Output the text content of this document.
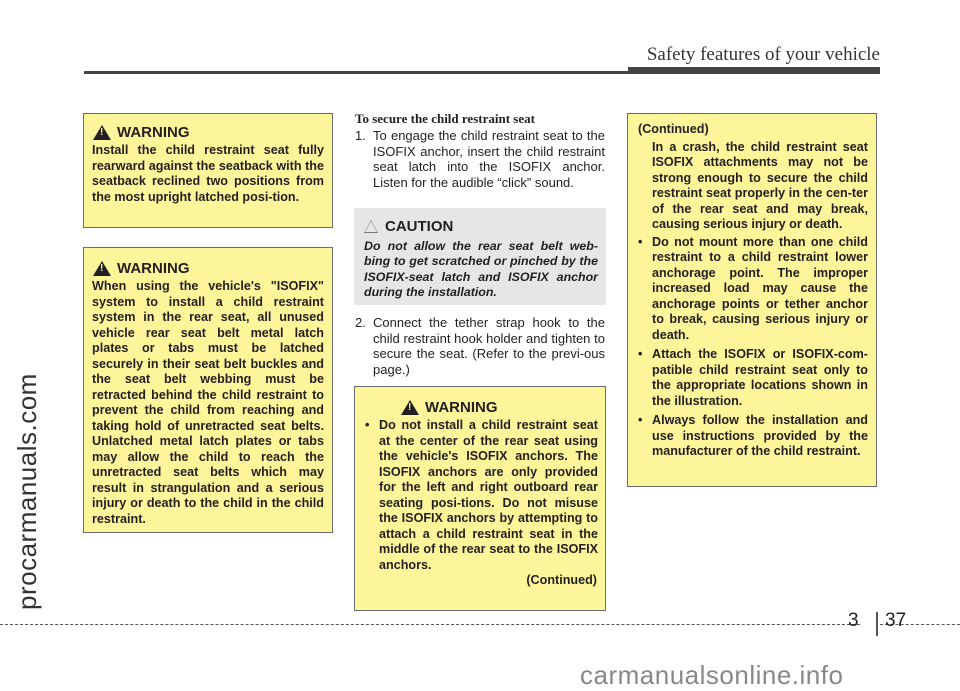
Safety features of your vehicle
procarmanuals.com
!
WARNING
Install the child restraint seat fully rearward against the seatback with the seatback reclined two positions from the most upright latched posi-tion.
!
WARNING
When using the vehicle's "ISOFIX" system to install a child restraint system in the rear seat, all unused vehicle rear seat belt metal latch plates or tabs must be latched securely in their seat belt buckles and the seat belt webbing must be retracted behind the child restraint to prevent the child from reaching and taking hold of unretracted seat belts. Unlatched metal latch plates or tabs may allow the child to reach the unretracted seat belts which may result in strangulation and a serious injury or death to the child in the child restraint.
To secure the child restraint seat
1. To engage the child restraint seat to the ISOFIX anchor, insert the child restraint seat latch into the ISOFIX anchor. Listen for the audible “click” sound.
CAUTION
Do not allow the rear seat belt web-bing to get scratched or pinched by the ISOFIX-seat latch and ISOFIX anchor during the installation.
2. Connect the tether strap hook to the child restraint hook holder and tighten to secure the seat. (Refer to the previ-ous page.)
!
WARNING
• Do not install a child restraint seat at the center of the rear seat using the vehicle's ISOFIX anchors. The ISOFIX anchors are only provided for the left and right outboard rear seating posi-tions. Do not misuse the ISOFIX anchors by attempting to attach a child restraint seat in the middle of the rear seat to the ISOFIX anchors.
(Continued)
(Continued)
In a crash, the child restraint seat ISOFIX attachments may not be strong enough to secure the child restraint seat properly in the cen-ter of the rear seat and may break, causing serious injury or death.
• Do not mount more than one child restraint to a child restraint lower anchorage point. The improper increased load may cause the anchorage points or tether anchor to break, causing serious injury or death.
• Attach the ISOFIX or ISOFIX-com-patible child restraint seat only to the appropriate locations shown in the illustration.
• Always follow the installation and use instructions provided by the manufacturer of the child restraint.
3 37
carmanualsonline.info
